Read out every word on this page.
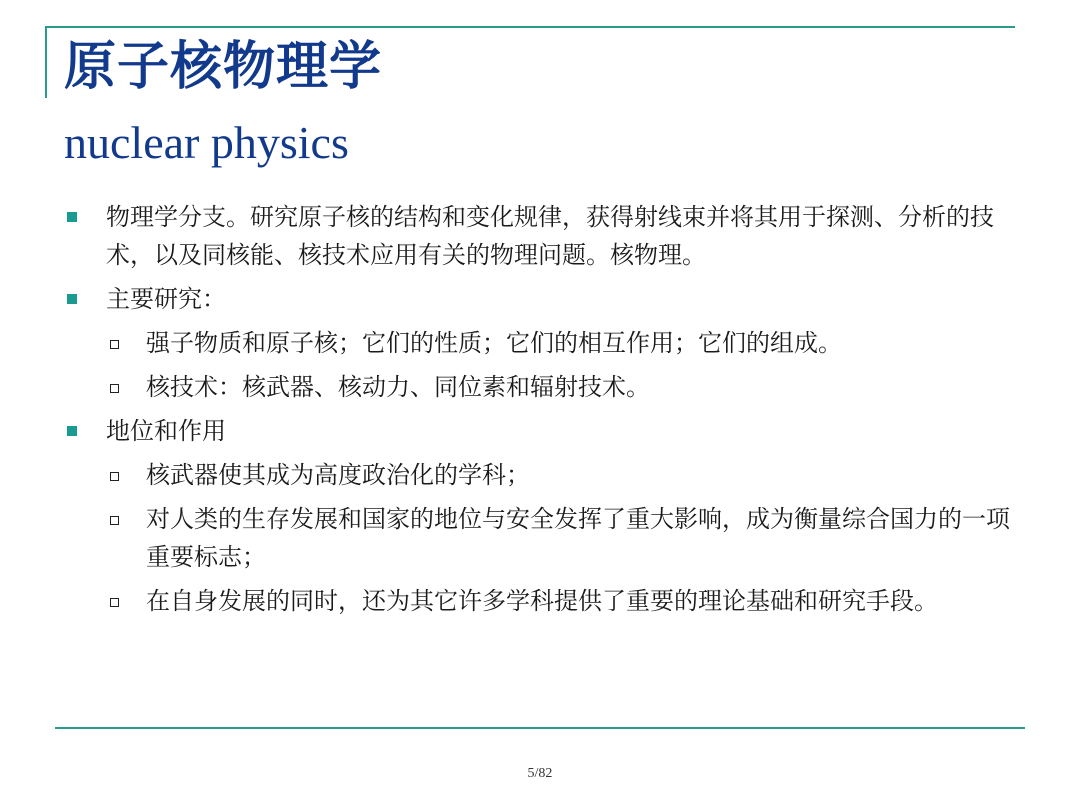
原子核物理学
nuclear physics
物理学分支。研究原子核的结构和变化规律，获得射线束并将其用于探测、分析的技术，以及同核能、核技术应用有关的物理问题。核物理。
主要研究：
强子物质和原子核；它们的性质；它们的相互作用；它们的组成。
核技术：核武器、核动力、同位素和辐射技术。
地位和作用
核武器使其成为高度政治化的学科；
对人类的生存发展和国家的地位与安全发挥了重大影响，成为衡量综合国力的一项重要标志；
在自身发展的同时，还为其它许多学科提供了重要的理论基础和研究手段。
5/82
